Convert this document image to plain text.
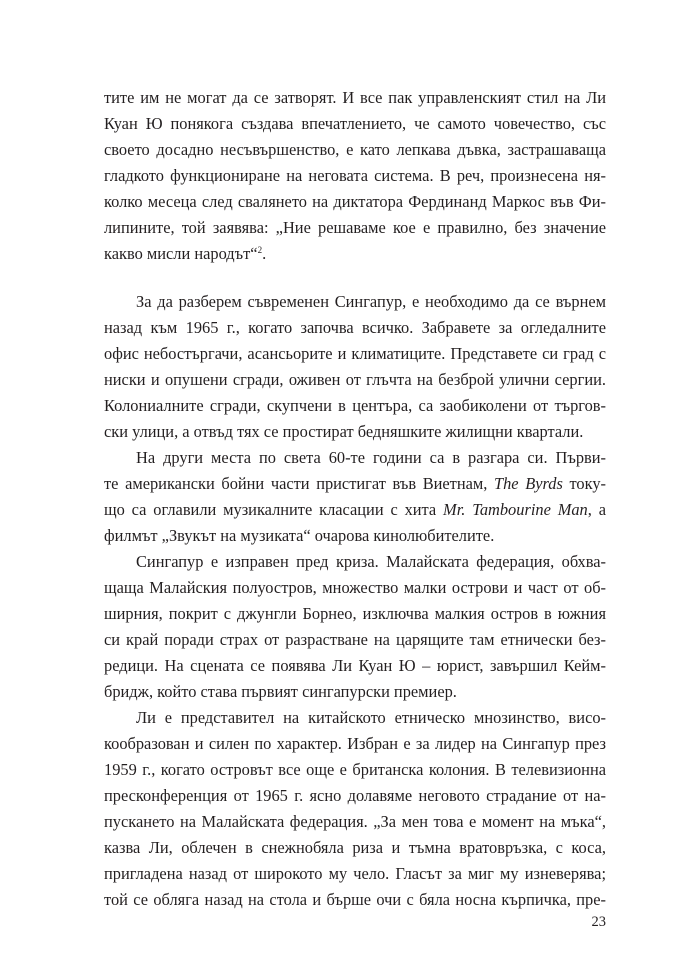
тите им не могат да се затворят. И все пак управленският стил на Ли
Куан Ю понякога създава впечатлението, че самото човечество, със
своето досадно несъвършенство, е като лепкава дъвка, застрашаваща
гладкото функциониране на неговата система. В реч, произнесена ня-
колко месеца след свалянето на диктатора Фердинанд Маркос във Фи-
липините, той заявява: „Ние решаваме кое е правилно, без значение
какво мисли народът“$^2$.
За да разберем съвременен Сингапур, е необходимо да се върнем
назад към 1965 г., когато започва всичко. Забравете за огледалните
офис небостъргачи, асансьорите и климатиците. Представете си град с
ниски и опушени сгради, оживен от глъчта на безброй улични сергии.
Колониалните сгради, скупчени в центъра, са заобиколени от търгов-
ски улици, а отвъд тях се простират бедняшките жилищни квартали.
На други места по света 60-те години са в разгара си. Първи-
те американски бойни части пристигат във Виетнам, The Byrds току-
що са оглавили музикалните класации с хита Mr. Tambourine Man, а
филмът „Звукът на музиката“ очарова кинолюбителите.
Сингапур е изправен пред криза. Малайската федерация, обхва-
щаща Малайския полуостров, множество малки острови и част от об-
ширния, покрит с джунгли Борнео, изключва малкия остров в южния
си край поради страх от разрастване на царящите там етнически без-
редици. На сцената се появява Ли Куан Ю – юрист, завършил Кейм-
бридж, който става първият сингапурски премиер.
Ли е представител на китайското етническо мнозинство, висо-
кообразован и силен по характер. Избран е за лидер на Сингапур през
1959 г., когато островът все още е британска колония. В телевизионна
пресконференция от 1965 г. ясно долавяме неговото страдание от на-
пускането на Малайската федерация. „За мен това е момент на мъка“,
казва Ли, облечен в снежнобяла риза и тъмна вратовръзка, с коса,
пригладена назад от широкото му чело. Гласът за миг му изневерява;
той се обляга назад на стола и бърше очи с бяла носна кърпичка, пре-
23
